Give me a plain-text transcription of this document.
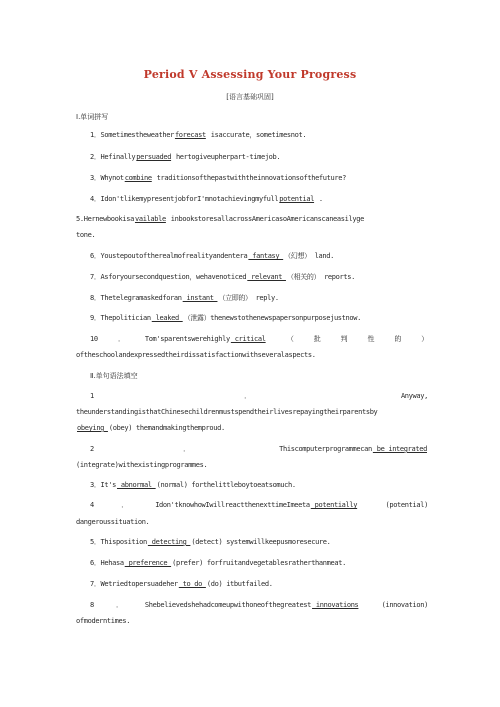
Period V Assessing Your Progress
[语言基础巩固]
Ⅰ.单词拼写
1．Sometimestheweatherforecast isaccurate，sometimesnot.
2．Hefinallypersuaded hertogiveupherpart-timejob.
3．Whynotcombine traditionsofthepastwiththeinnovationsofthefuture?
4．Idon'tlikemypresentjobforI'mnotachievingmyfullpotential .
5.Hernewbookisavailable inbookstoresallacrossAmericasoAmericanscaneasilyge
tone.
6．Youstepoutoftherealmofrealityandentera fantasy （幻想） land.
7．Asforyoursecondquestion，wehavenoticed relevant （相关的） reports.
8．Thetelegramaskedforan instant （立即的） reply.
9．Thepolitician leaked （泄露）thenewstothenewspapersonpurposejustnow.
10	．	Tom'sparentswerehighly critical	（	批	判	性	的	）
oftheschoolandexpressedtheirdissatisfactionwithseveralaspects.
Ⅱ.单句语法填空
1	．	Anyway,
theunderstandingisthatChinesechildrenmustspendtheirlivesrepayingtheirparentsby
obeying (obey) themandmakingthemproud.
2	．	Thiscomputerprogrammecan be integrated
(integrate)withexistingprogrammes.
3．It's abnormal (normal) forthelittleboytoeatsomuch.
4	．	Idon'tknowhowIwillreactthenexttimeImeeta potentially	(potential)
dangeroussituation.
5．Thisposition detecting (detect) systemwillkeepusmoresecure.
6．Hehasa preference (prefer) forfruitandvegetablesratherthanmeat.
7．Wetriedtopersuadeher to do (do) itbutfailed.
8	．	Shebelievedshehadcomeupwithoneofthegreatest innovations	(innovation)
ofmoderntimes.
